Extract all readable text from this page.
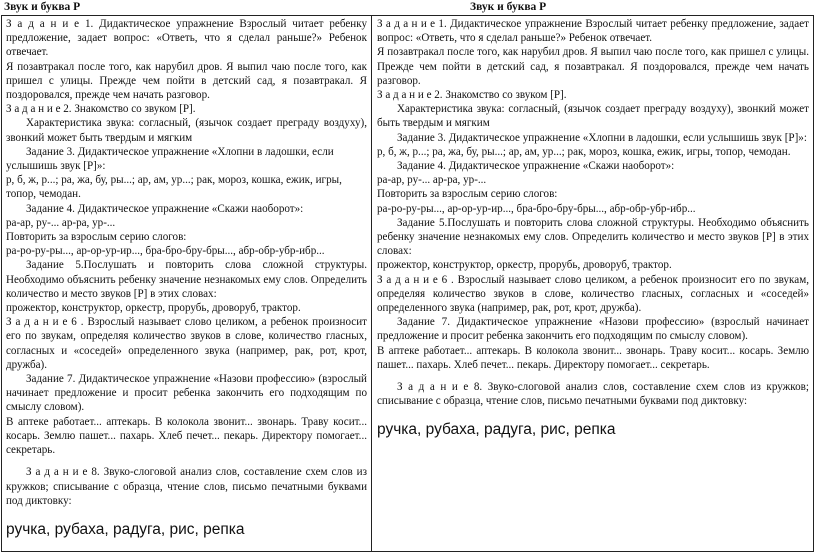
Звук и буква Р	Звук и буква Р

З а д а н и е 1. Дидактическое упражнение Взрослый читает ребенку предложение, задает вопрос: «Ответь, что я сделал раньше?» Ребенок отвечает.

Я позавтракал после того, как нарубил дров. Я выпил чаю после того, как пришел с улицы. Прежде чем пойти в детский сад, я позавтракал. Я поздоровался, прежде чем начать разговор.

З а д а н и е 2. Знакомство со звуком [Р].

Характеристика звука: согласный, (язычок создает преграду воздуху), звонкий может быть твердым и мягким

Задание 3. Дидактическое упражнение «Хлопни в ладошки, если услышишь звук [Р]»:

р, б, ж, р...; ра, жа, бу, ры...; ар, ам, ур...; рак, мороз, кошка, ежик, игры, топор, чемодан.

Задание 4. Дидактическое упражнение «Скажи наоборот»:

ра-ар, ру-... ар-ра, ур-...

Повторить за взрослым серию слогов:

ра-ро-ру-ры..., ар-ор-ур-ир..., бра-бро-бру-бры..., абр-обр-убр-ибр...

Задание 5.Послушать и повторить слова сложной структуры. Необходимо объяснить ребенку значение незнакомых ему слов. Определить количество и место звуков [Р] в этих словах:

прожектор, конструктор, оркестр, прорубь, дроворуб, трактор.

З а д а н и е 6 . Взрослый называет слово целиком, а ребенок произносит его по звукам, определяя количество звуков в слове, количество гласных, согласных и «соседей» определенного звука (например, рак, рот, крот, дружба).

Задание 7. Дидактическое упражнение «Назови профессию» (взрослый начинает предложение и просит ребенка закончить его подходящим по смыслу словом).

В аптеке работает... аптекарь. В колокола звонит... звонарь. Траву косит... косарь. Землю пашет... пахарь. Хлеб печет... пекарь. Директору помогает... секретарь.

З а д а н и е 8. Звуко-слоговой анализ слов, составление схем слов из кружков; списывание с образца, чтение слов, письмо печатными буквами под диктовку:

ручка, рубаха, радуга, рис, репка

З а д а н и е 1. Дидактическое упражнение Взрослый читает ребенку предложение, задает вопрос: «Ответь, что я сделал раньше?» Ребенок отвечает.

Я позавтракал после того, как нарубил дров. Я выпил чаю после того, как пришел с улицы. Прежде чем пойти в детский сад, я позавтракал. Я поздоровался, прежде чем начать разговор.

З а д а н и е 2. Знакомство со звуком [Р].

Характеристика звука: согласный, (язычок создает преграду воздуху), звонкий может быть твердым и мягким

Задание 3. Дидактическое упражнение «Хлопни в ладошки, если услышишь звук [Р]»:

р, б, ж, р...; ра, жа, бу, ры...; ар, ам, ур...; рак, мороз, кошка, ежик, игры, топор, чемодан.

Задание 4. Дидактическое упражнение «Скажи наоборот»:

ра-ар, ру-... ар-ра, ур-...

Повторить за взрослым серию слогов:

ра-ро-ру-ры..., ар-ор-ур-ир..., бра-бро-бру-бры..., абр-обр-убр-ибр...

Задание 5.Послушать и повторить слова сложной структуры. Необходимо объяснить ребенку значение незнакомых ему слов. Определить количество и место звуков [Р] в этих словах:

прожектор, конструктор, оркестр, прорубь, дроворуб, трактор.

З а д а н и е 6 . Взрослый называет слово целиком, а ребенок произносит его по звукам, определяя количество звуков в слове, количество гласных, согласных и «соседей» определенного звука (например, рак, рот, крот, дружба).

Задание 7. Дидактическое упражнение «Назови профессию» (взрослый начинает предложение и просит ребенка закончить его подходящим по смыслу словом).

В аптеке работает... аптекарь. В колокола звонит... звонарь. Траву косит... косарь. Землю пашет... пахарь. Хлеб печет... пекарь. Директору помогает... секретарь.

З а д а н и е 8. Звуко-слоговой анализ слов, составление схем слов из кружков; списывание с образца, чтение слов, письмо печатными буквами под диктовку:

ручка, рубаха, радуга, рис, репка
